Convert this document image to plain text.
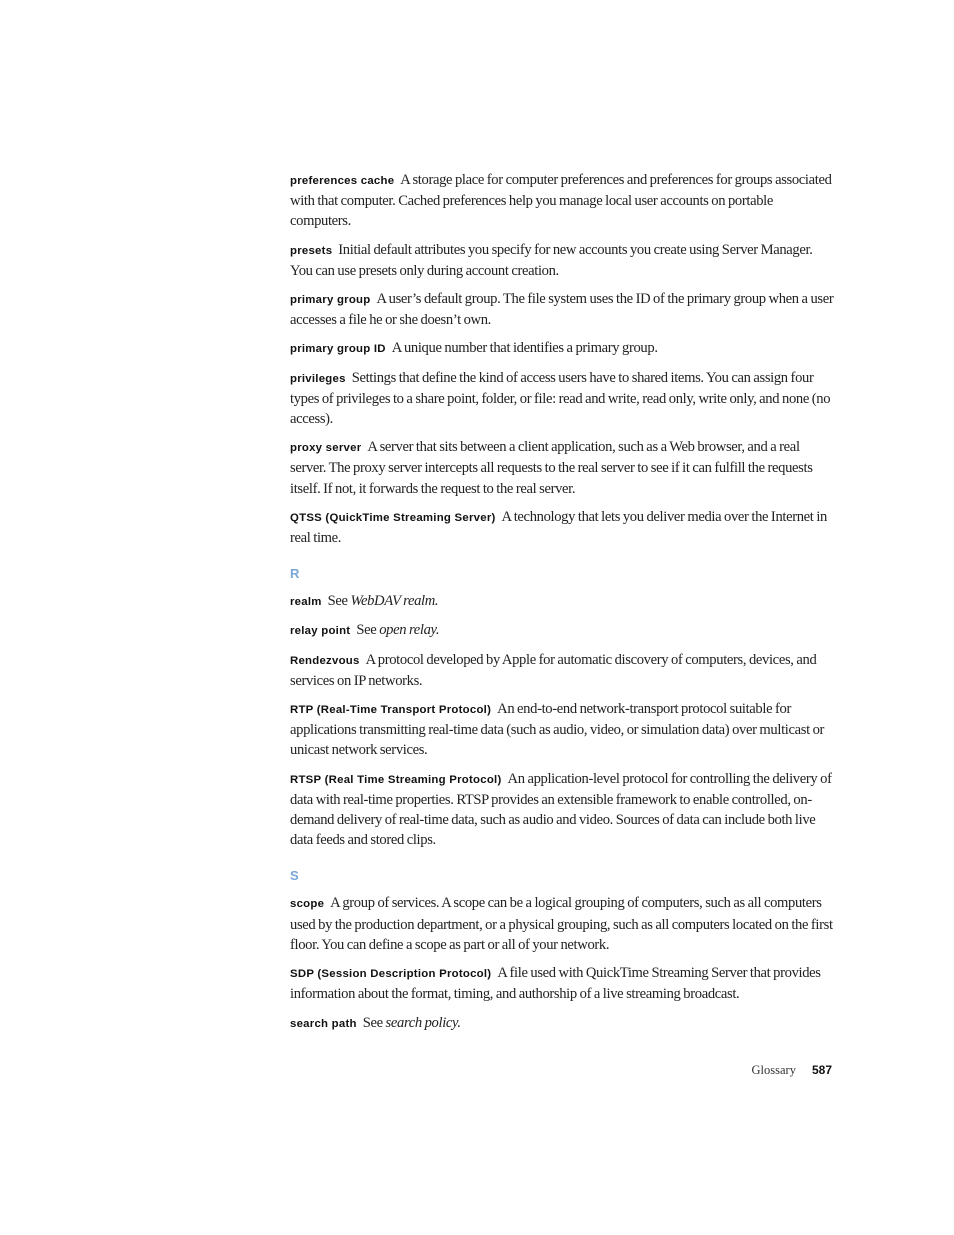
preferences cache A storage place for computer preferences and preferences for groups associated with that computer. Cached preferences help you manage local user accounts on portable computers.

presets Initial default attributes you specify for new accounts you create using Server Manager. You can use presets only during account creation.

primary group A user’s default group. The file system uses the ID of the primary group when a user accesses a file he or she doesn’t own.

primary group ID A unique number that identifies a primary group.

privileges Settings that define the kind of access users have to shared items. You can assign four types of privileges to a share point, folder, or file: read and write, read only, write only, and none (no access).

proxy server A server that sits between a client application, such as a Web browser, and a real server. The proxy server intercepts all requests to the real server to see if it can fulfill the requests itself. If not, it forwards the request to the real server.

QTSS (QuickTime Streaming Server) A technology that lets you deliver media over the Internet in real time.

R

realm See WebDAV realm.

relay point See open relay.

Rendezvous A protocol developed by Apple for automatic discovery of computers, devices, and services on IP networks.

RTP (Real-Time Transport Protocol) An end-to-end network-transport protocol suitable for applications transmitting real-time data (such as audio, video, or simulation data) over multicast or unicast network services.

RTSP (Real Time Streaming Protocol) An application-level protocol for controlling the delivery of data with real-time properties. RTSP provides an extensible framework to enable controlled, on-demand delivery of real-time data, such as audio and video. Sources of data can include both live data feeds and stored clips.

S

scope A group of services. A scope can be a logical grouping of computers, such as all computers used by the production department, or a physical grouping, such as all computers located on the first floor. You can define a scope as part or all of your network.

SDP (Session Description Protocol) A file used with QuickTime Streaming Server that provides information about the format, timing, and authorship of a live streaming broadcast.

search path See search policy.

Glossary 587
